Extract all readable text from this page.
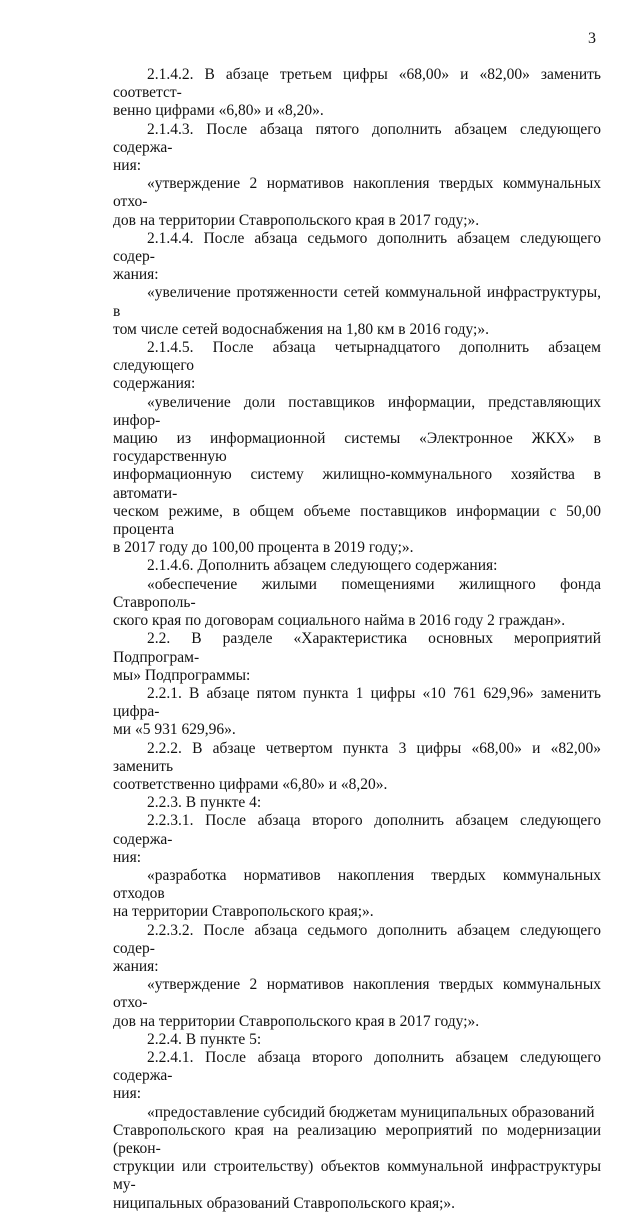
3

2.1.4.2. В абзаце третьем цифры «68,00» и «82,00» заменить соответст-
венно цифрами «6,80» и «8,20».

2.1.4.3. После абзаца пятого дополнить абзацем следующего содержа-
ния:

«утверждение 2 нормативов накопления твердых коммунальных отхо-
дов на территории Ставропольского края в 2017 году;».

2.1.4.4. После абзаца седьмого дополнить абзацем следующего содер-
жания:

«увеличение протяженности сетей коммунальной инфраструктуры, в
том числе сетей водоснабжения на 1,80 км в 2016 году;».

2.1.4.5. После абзаца четырнадцатого дополнить абзацем следующего
содержания:

«увеличение доли поставщиков информации, представляющих инфор-
мацию из информационной системы «Электронное ЖКХ» в государственную
информационную систему жилищно-коммунального хозяйства в автомати-
ческом режиме, в общем объеме поставщиков информации с 50,00 процента
в 2017 году до 100,00 процента в 2019 году;».

2.1.4.6. Дополнить абзацем следующего содержания:

«обеспечение жилыми помещениями жилищного фонда Ставрополь-
ского края по договорам социального найма в 2016 году 2 граждан».

2.2. В разделе «Характеристика основных мероприятий Подпрограм-
мы» Подпрограммы:

2.2.1. В абзаце пятом пункта 1 цифры «10 761 629,96» заменить цифра-
ми «5 931 629,96».

2.2.2. В абзаце четвертом пункта 3 цифры «68,00» и «82,00» заменить
соответственно цифрами «6,80» и «8,20».

2.2.3. В пункте 4:

2.2.3.1. После абзаца второго дополнить абзацем следующего содержа-
ния:

«разработка нормативов накопления твердых коммунальных отходов
на территории Ставропольского края;».

2.2.3.2. После абзаца седьмого дополнить абзацем следующего содер-
жания:

«утверждение 2 нормативов накопления твердых коммунальных отхо-
дов на территории Ставропольского края в 2017 году;».

2.2.4. В пункте 5:

2.2.4.1. После абзаца второго дополнить абзацем следующего содержа-
ния:

«предоставление субсидий бюджетам муниципальных образований
Ставропольского края на реализацию мероприятий по модернизации (рекон-
струкции или строительству) объектов коммунальной инфраструктуры му-
ниципальных образований Ставропольского края;».
